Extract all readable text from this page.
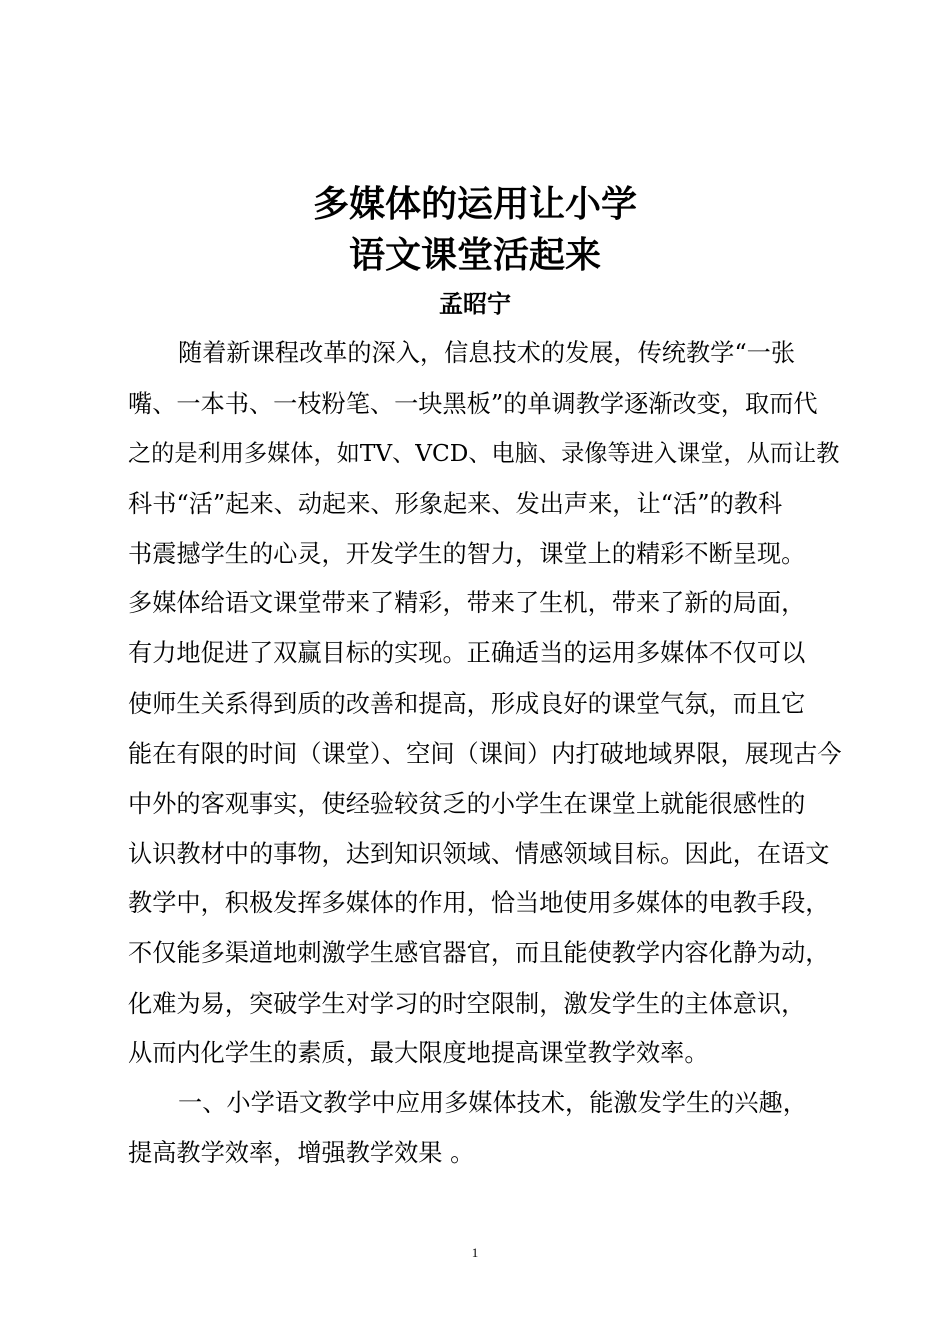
多媒体的运用让小学
语文课堂活起来
孟昭宁
随着新课程改革的深入，信息技术的发展，传统教学“一张
嘴、一本书、一枝粉笔、一块黑板”的单调教学逐渐改变，取而代
之的是利用多媒体，如TV、VCD、电脑、录像等进入课堂，从而让教
科书“活”起来、动起来、形象起来、发出声来，让“活”的教科
书震撼学生的心灵，开发学生的智力，课堂上的精彩不断呈现。
多媒体给语文课堂带来了精彩，带来了生机，带来了新的局面，
有力地促进了双赢目标的实现。正确适当的运用多媒体不仅可以
使师生关系得到质的改善和提高，形成良好的课堂气氛，而且它
能在有限的时间（课堂）、空间（课间）内打破地域界限，展现古今
中外的客观事实，使经验较贫乏的小学生在课堂上就能很感性的
认识教材中的事物，达到知识领域、情感领域目标。因此，在语文
教学中，积极发挥多媒体的作用，恰当地使用多媒体的电教手段，
不仅能多渠道地刺激学生感官器官，而且能使教学内容化静为动，
化难为易，突破学生对学习的时空限制，激发学生的主体意识，
从而内化学生的素质，最大限度地提高课堂教学效率。
一、小学语文教学中应用多媒体技术，能激发学生的兴趣，
提高教学效率，增强教学效果 。
1
